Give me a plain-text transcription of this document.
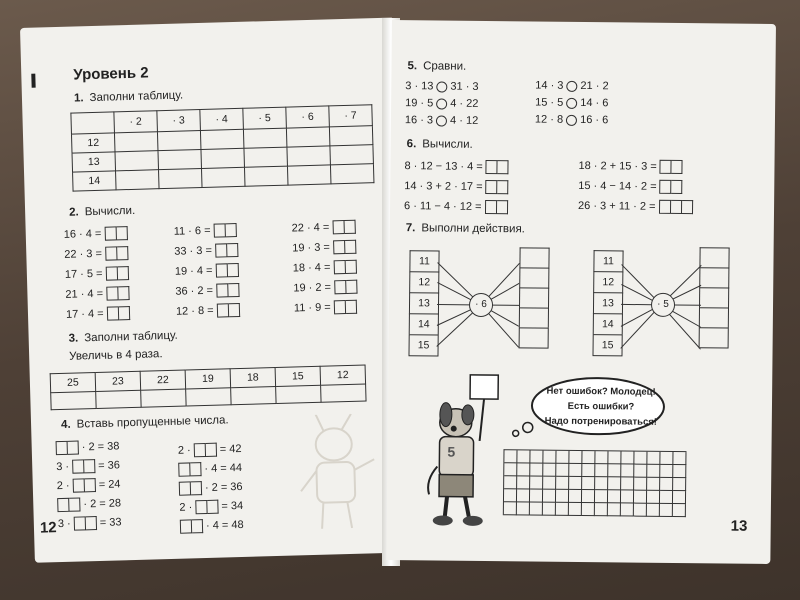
Уровень 2
1. Заполни таблицу.
	· 2	· 3	· 4	· 5	· 6	· 7
12						
13						
14						
2. Вычисли.
16 · 4 =
22 · 3 =
17 · 5 =
21 · 4 =
17 · 4 =
11 · 6 =
33 · 3 =
19 · 4 =
36 · 2 =
12 · 8 =
22 · 4 =
19 · 3 =
18 · 4 =
19 · 2 =
11 · 9 =
3. Заполни таблицу.
Увеличь в 4 раза.
25	23	22	19	18	15	12

4. Вставь пропущенные числа.
· 2 = 38
3 ·	= 36
2 ·	= 24
· 2 = 28
3 ·	= 33
2 ·	= 42
· 4 = 44
· 2 = 36
2 ·	= 34
· 4 = 48
12
5. Сравни.
3 · 13 31 · 3
19 · 5 4 · 22
16 · 3 4 · 12
14 · 3 21 · 2
15 · 5 14 · 6
12 · 8 16 · 6
6. Вычисли.
8 · 12 − 13 · 4 =
14 · 3 + 2 · 17 =
6 · 11 − 4 · 12 =
18 · 2 + 15 · 3 =
15 · 4 − 14 · 2 =
26 · 3 + 11 · 2 =
7. Выполни действия.
11
12
13
14
15
· 6
11
12
13
14
15
· 5
Нет ошибок? Молодец!
Есть ошибки?
Надо потренироваться!
5
13
